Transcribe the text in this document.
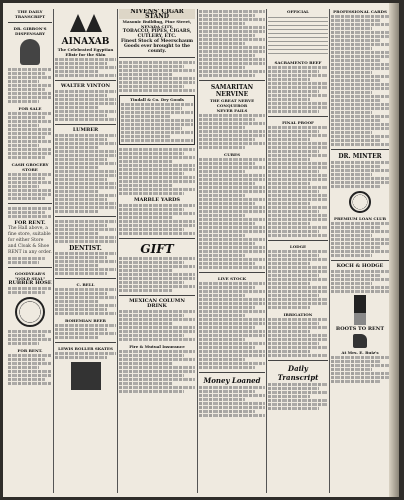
THE DAILY TRANSCRIPT
DR. GIBBON'S DISPENSARY
FOR SALE
CASH GROCERY STORE
FOR RENT.
The Hall above, a fine store, suitable for either Store and Cloak & Shoe RENT in any order.
GOODYEAR'S "GOLD SEAL"
RUBBER HOSE
FOR RENT.
AINAXAB
The Celebrated Egyptian Elixir for the Skin
WALTER VINTON
LUMBER
DENTIST.
C. BELL
BOHEMIAN BEER
LEWIS ROLLER SKATES
NIVENS' CIGAR STAND
Masonic Building, Pine Street, NEVADA CITY.
TOBACCO, PIPES, CIGARS, CUTLERY, ETC.
Finest Stock of Meerschaum Goods ever brought to the county.
Tindall & Co. Dry Goods
MARBLE YARDS
GIFT
MEXICAN COLUMN DRINK
Fire & Mutual Insurance
SAMARITAN NERVINE
THE GREAT NERVE CONQUEROR
NEVER FAILS
CURES
LIVE STOCK
Money Loaned
OFFICIAL
SACRAMENTO BEEF
FINAL PROOF
LODGE
IRRIGATION
Daily Transcript
PROFESSIONAL CARDS
DR. MINTER
PREMIUM LOAN CLUB
KOCH & HODGE
BOOTS TO RENT
At Mrs. E. Ruiz's
